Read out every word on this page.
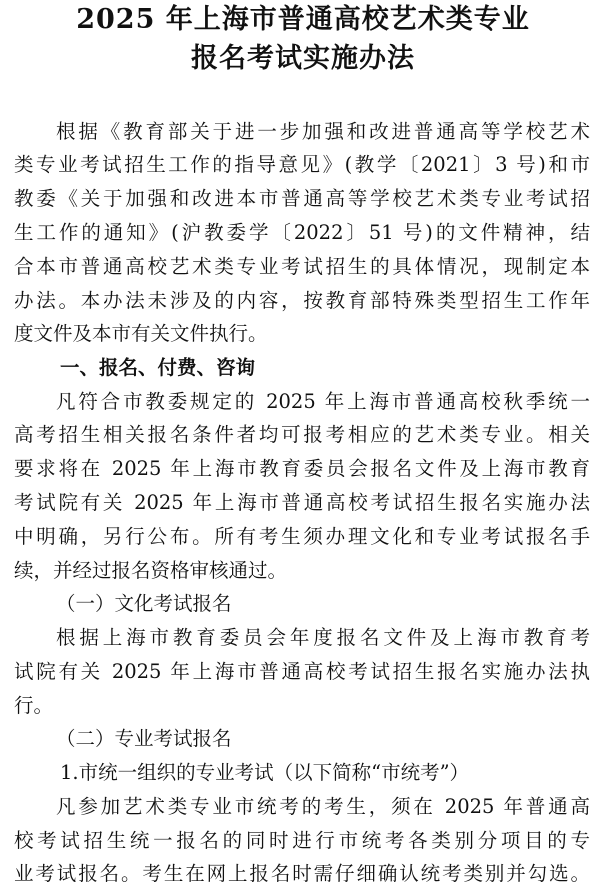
2025 年上海市普通高校艺术类专业
报名考试实施办法
根据《教育部关于进一步加强和改进普通高等学校艺术
类专业考试招生工作的指导意见》(教学〔2021〕3 号)和市
教委《关于加强和改进本市普通高等学校艺术类专业考试招
生工作的通知》(沪教委学〔2022〕51 号)的文件精神，结
合本市普通高校艺术类专业考试招生的具体情况，现制定本
办法。本办法未涉及的内容，按教育部特殊类型招生工作年
度文件及本市有关文件执行。
一、报名、付费、咨询
凡符合市教委规定的 2025 年上海市普通高校秋季统一
高考招生相关报名条件者均可报考相应的艺术类专业。相关
要求将在 2025 年上海市教育委员会报名文件及上海市教育
考试院有关 2025 年上海市普通高校考试招生报名实施办法
中明确，另行公布。所有考生须办理文化和专业考试报名手
续，并经过报名资格审核通过。
（一）文化考试报名
根据上海市教育委员会年度报名文件及上海市教育考
试院有关 2025 年上海市普通高校考试招生报名实施办法执
行。
（二）专业考试报名
1.市统一组织的专业考试（以下简称“市统考”）
凡参加艺术类专业市统考的考生，须在 2025 年普通高
校考试招生统一报名的同时进行市统考各类别分项目的专
业考试报名。考生在网上报名时需仔细确认统考类别并勾选。
